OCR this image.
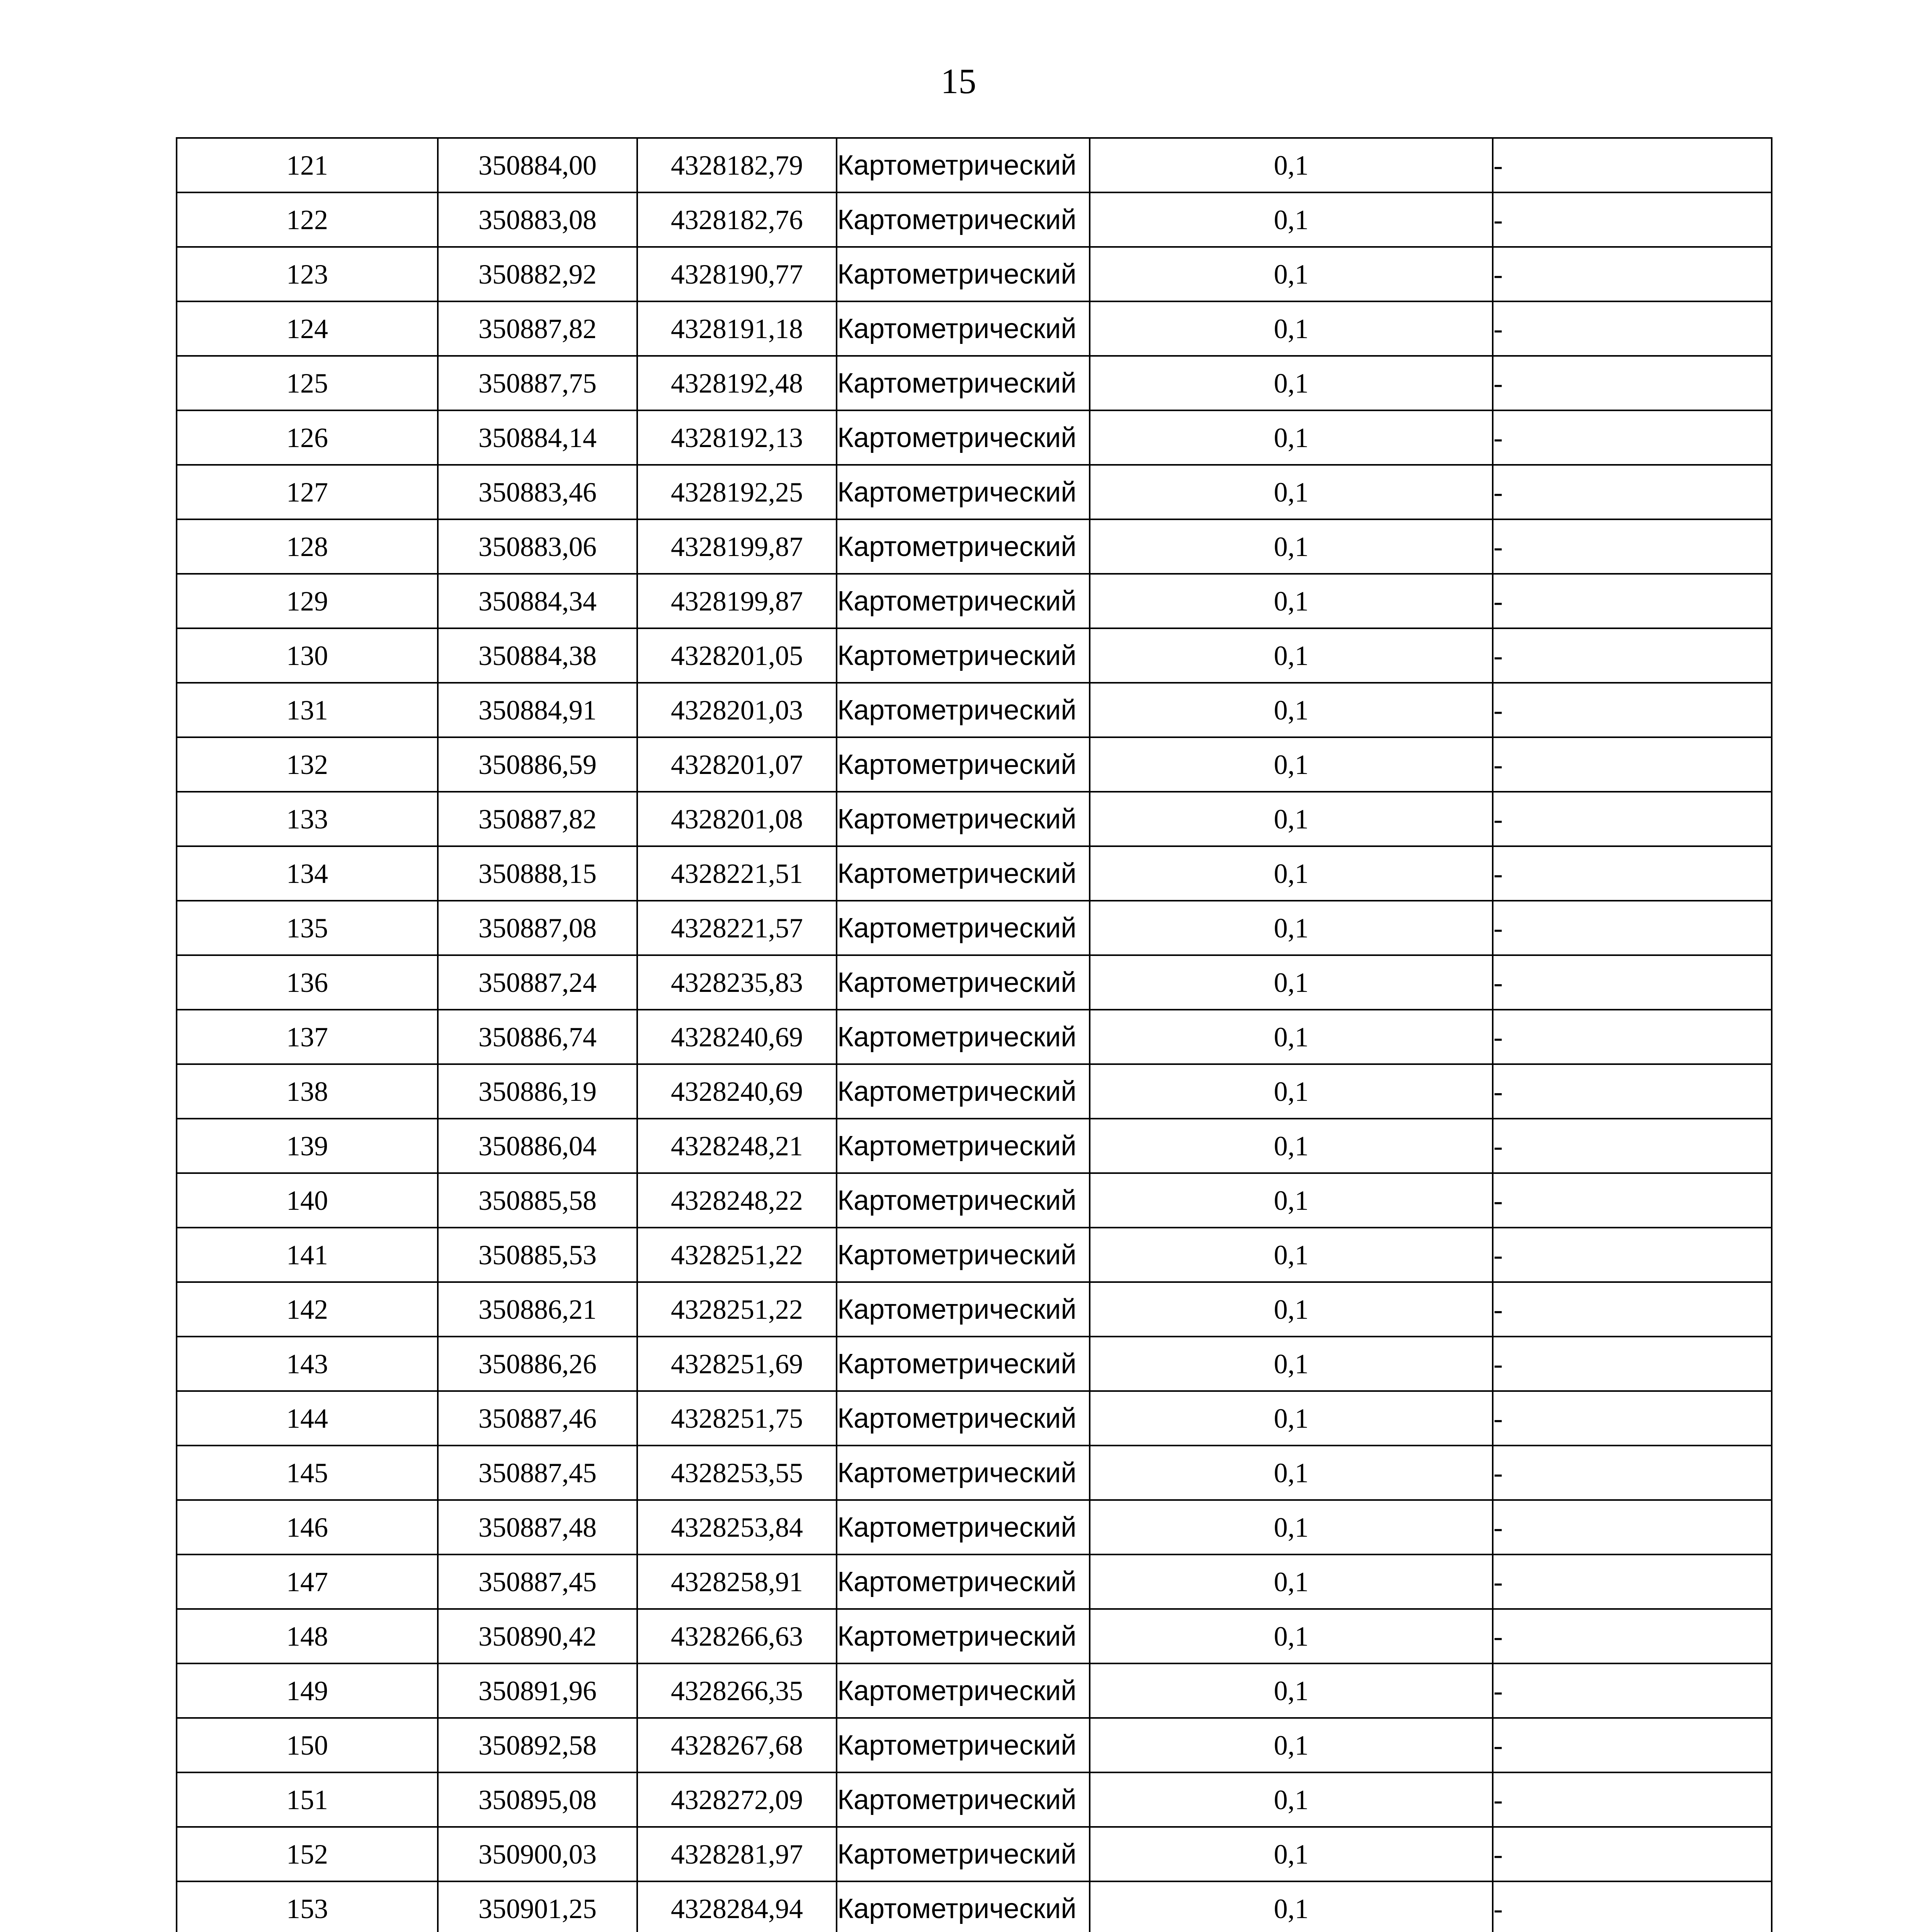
15
121	350884,00	4328182,79	Картометрический	0,1	-
122	350883,08	4328182,76	Картометрический	0,1	-
123	350882,92	4328190,77	Картометрический	0,1	-
124	350887,82	4328191,18	Картометрический	0,1	-
125	350887,75	4328192,48	Картометрический	0,1	-
126	350884,14	4328192,13	Картометрический	0,1	-
127	350883,46	4328192,25	Картометрический	0,1	-
128	350883,06	4328199,87	Картометрический	0,1	-
129	350884,34	4328199,87	Картометрический	0,1	-
130	350884,38	4328201,05	Картометрический	0,1	-
131	350884,91	4328201,03	Картометрический	0,1	-
132	350886,59	4328201,07	Картометрический	0,1	-
133	350887,82	4328201,08	Картометрический	0,1	-
134	350888,15	4328221,51	Картометрический	0,1	-
135	350887,08	4328221,57	Картометрический	0,1	-
136	350887,24	4328235,83	Картометрический	0,1	-
137	350886,74	4328240,69	Картометрический	0,1	-
138	350886,19	4328240,69	Картометрический	0,1	-
139	350886,04	4328248,21	Картометрический	0,1	-
140	350885,58	4328248,22	Картометрический	0,1	-
141	350885,53	4328251,22	Картометрический	0,1	-
142	350886,21	4328251,22	Картометрический	0,1	-
143	350886,26	4328251,69	Картометрический	0,1	-
144	350887,46	4328251,75	Картометрический	0,1	-
145	350887,45	4328253,55	Картометрический	0,1	-
146	350887,48	4328253,84	Картометрический	0,1	-
147	350887,45	4328258,91	Картометрический	0,1	-
148	350890,42	4328266,63	Картометрический	0,1	-
149	350891,96	4328266,35	Картометрический	0,1	-
150	350892,58	4328267,68	Картометрический	0,1	-
151	350895,08	4328272,09	Картометрический	0,1	-
152	350900,03	4328281,97	Картометрический	0,1	-
153	350901,25	4328284,94	Картометрический	0,1	-
